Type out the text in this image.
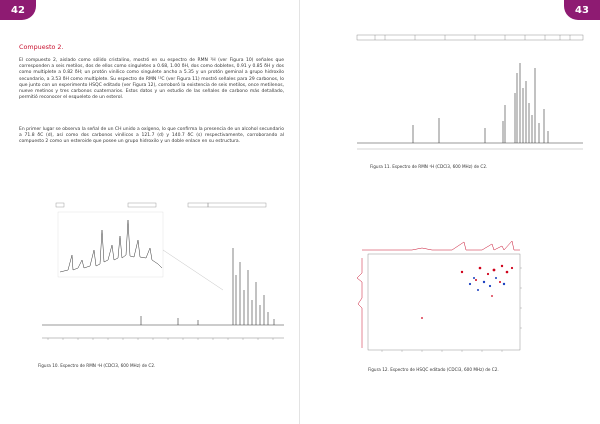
42	43
Compuesto 2.

El compuesto 2, aislado como sólido cristalino, mostró en su espectro de RMN ¹H (ver Figura 10) señales que corresponden a seis metilos, dos de ellos como singuletes a 0.68, 1.00 δH, dos como dobletes, 0.91 y 0.85 δH y dos como multiplete a 0.82 δH; un protón vinílico como singulete ancho a 5.35 y un protón geminal a grupo hidroxilo secundario, a 3.53 δH como multiplete. Su espectro de RMN ¹³C (ver Figura 11) mostró señales para 29 carbonos, lo que junto con un experimento HSQC editado (ver Figura 12), corroboró la existencia de seis metilos, once metilenos, nueve metinos y tres carbonos cuaternarios. Estos datos y un estudio de las señales de carbono más detallado, permitió reconocer el esqueleto de un esterol.

En primer lugar se observa la señal de un CH unido a oxígeno, lo que confirma la presencia de un alcohol secundario a 71.8 δC (d), así como dos carbonos vinílicos a 121.7 (d) y 140.7 δC (s) respectivamente, corroborando al compuesto 2 como un esteroide que posee un grupo hidroxilo y un doble enlace en su estructura.

Figura 10. Espectro de RMN ¹H (CDCl3, 600 MHz) de C2.
Figura 11. Espectro de RMN ¹H (CDCl3, 600 MHz) de C2.
Figura 12. Espectro de HSQC editado (CDCl3, 600 MHz) de C2.
